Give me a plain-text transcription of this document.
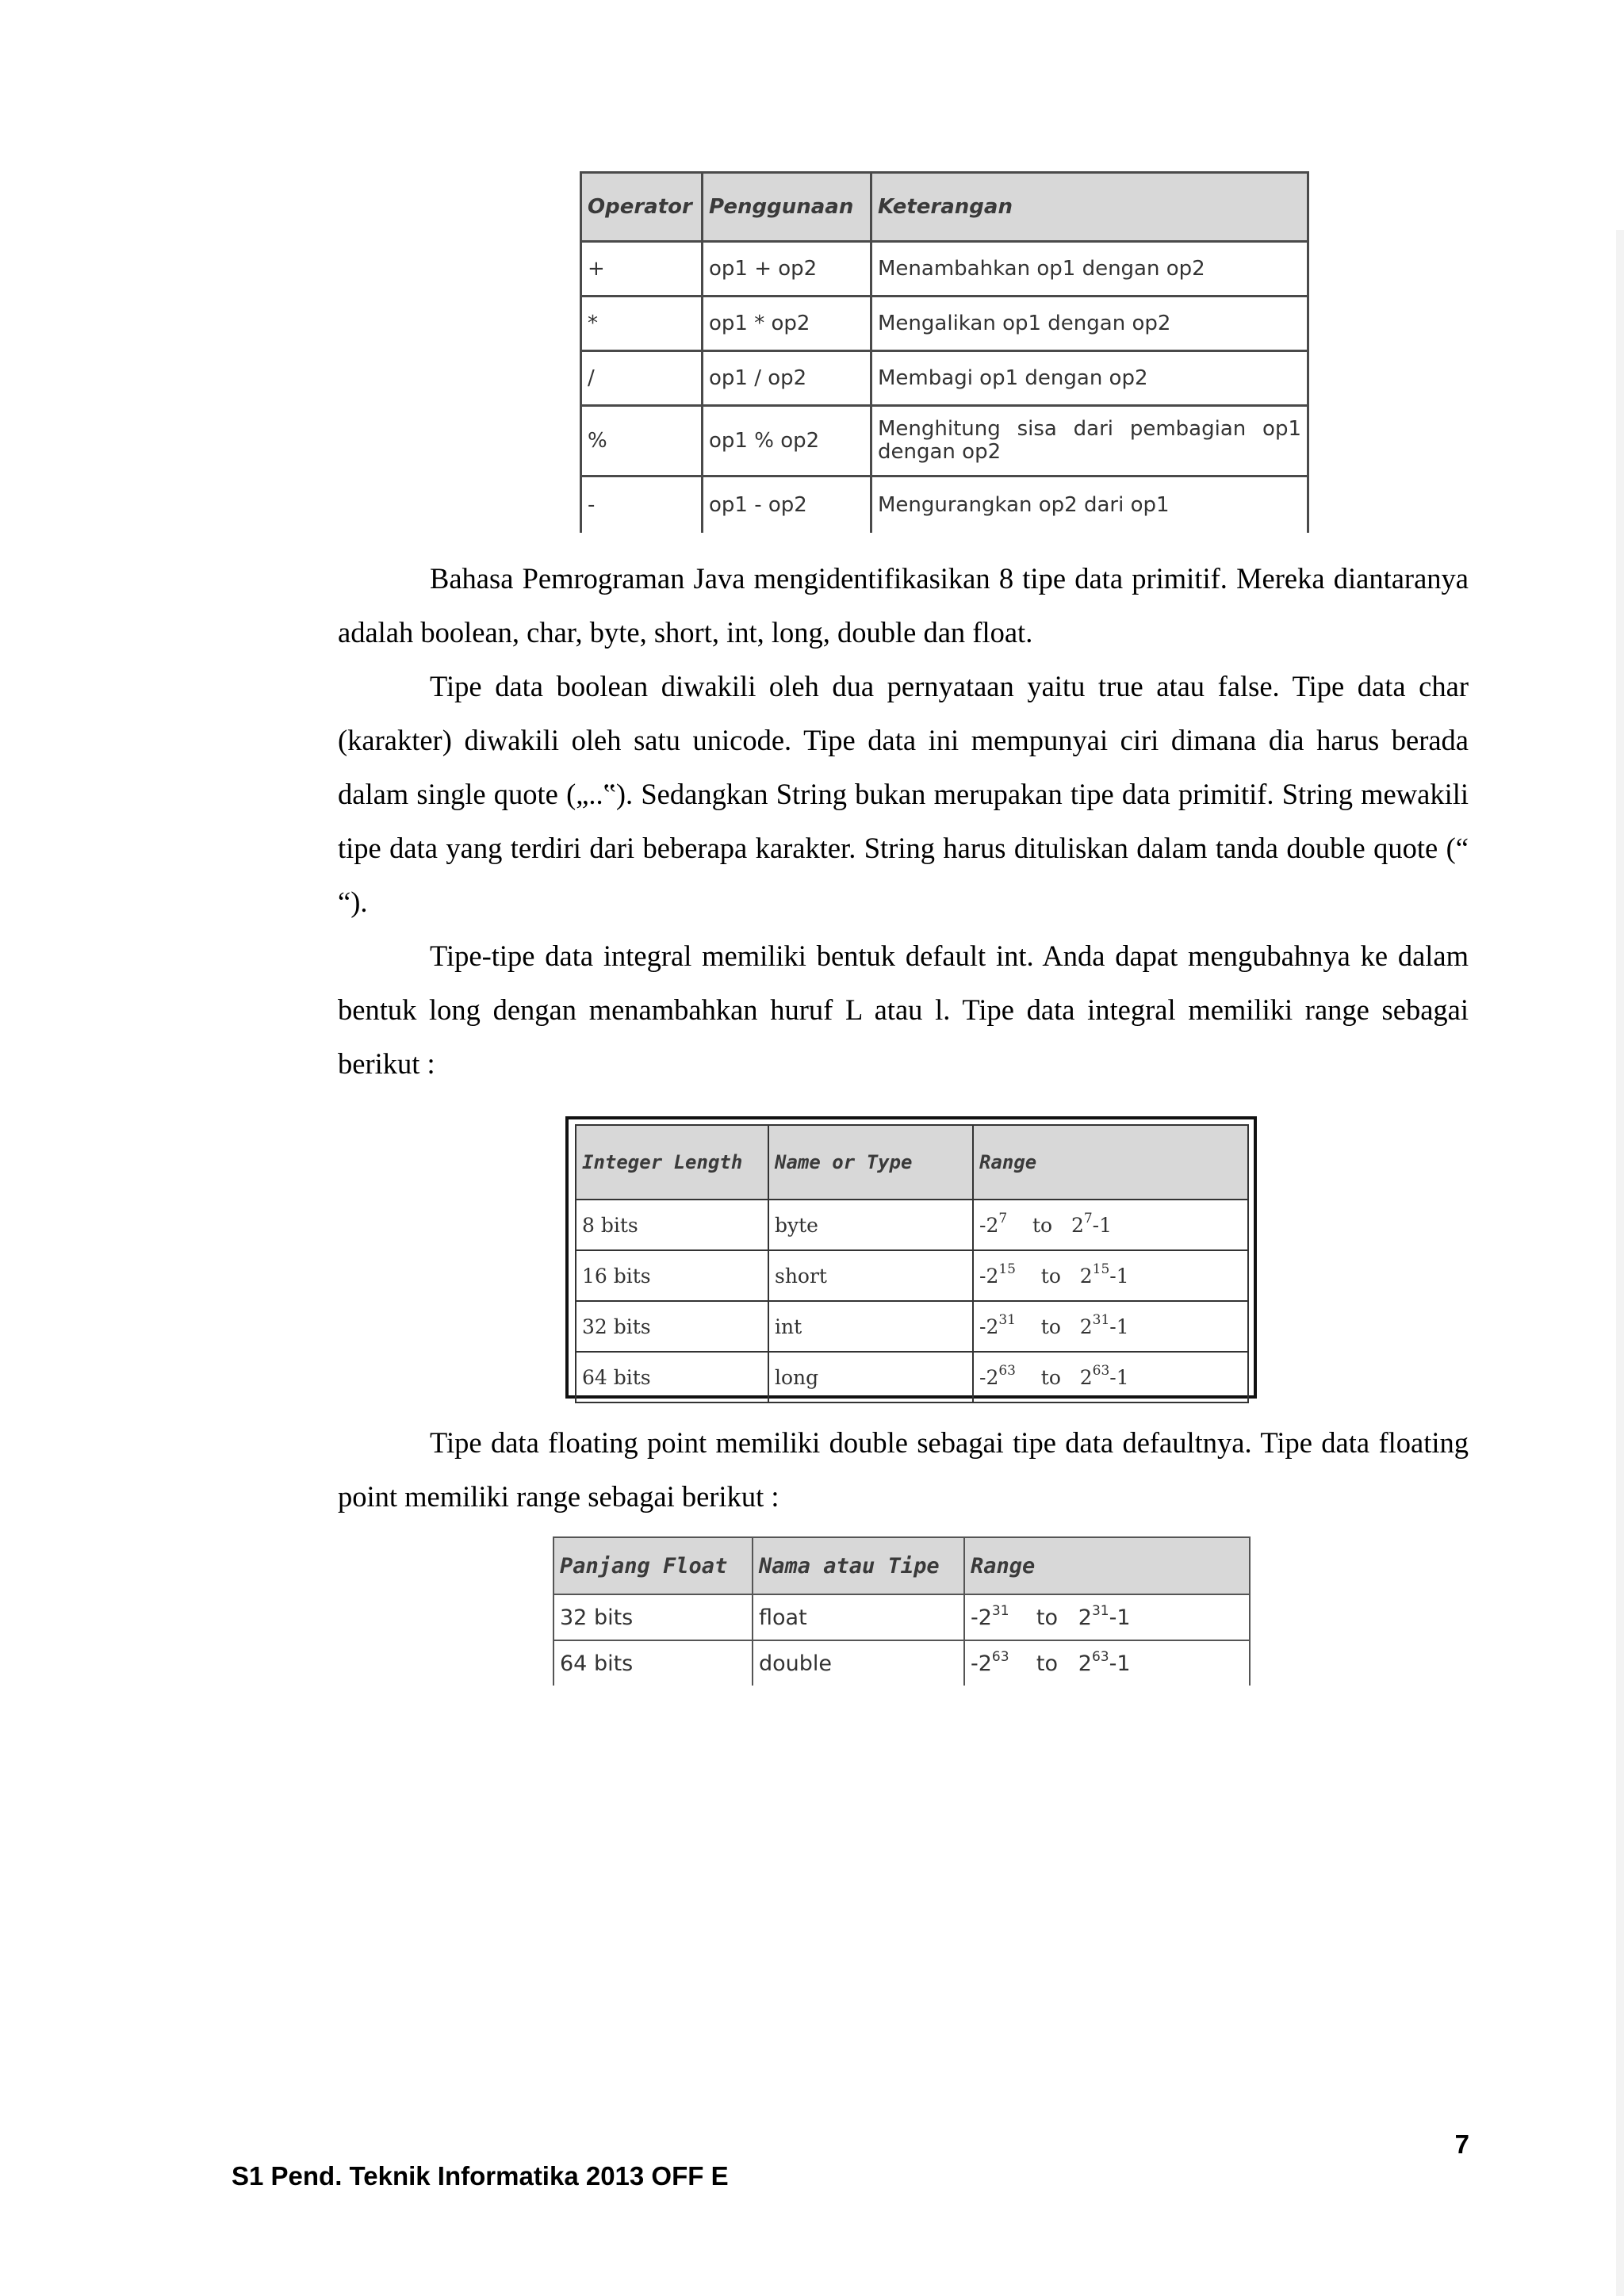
Operator	Penggunaan	Keterangan
+	op1 + op2	Menambahkan op1 dengan op2
*	op1 * op2	Mengalikan op1 dengan op2
/	op1 / op2	Membagi op1 dengan op2
%	op1 % op2	Menghitung sisa dari pembagian op1 dengan op2
-	op1 - op2	Mengurangkan op2 dari op1

Bahasa Pemrograman Java mengidentifikasikan 8 tipe data primitif. Mereka diantaranya adalah boolean, char, byte, short, int, long, double dan float.

Tipe data boolean diwakili oleh dua pernyataan yaitu true atau false. Tipe data char (karakter) diwakili oleh satu unicode. Tipe data ini mempunyai ciri dimana dia harus berada dalam single quote („..‟). Sedangkan String bukan merupakan tipe data primitif. String mewakili tipe data yang terdiri dari beberapa karakter. String harus dituliskan dalam tanda double quote (“ “).

Tipe-tipe data integral memiliki bentuk default int. Anda dapat mengubahnya ke dalam bentuk long dengan menambahkan huruf L atau l. Tipe data integral memiliki range sebagai berikut :

Integer Length	Name or Type	Range
8 bits	byte	$-2^7$ to $2^7-1$
16 bits	short	$-2^{15}$ to $2^{15}-1$
32 bits	int	$-2^{31}$ to $2^{31}-1$
64 bits	long	$-2^{63}$ to $2^{63}-1$

Tipe data floating point memiliki double sebagai tipe data defaultnya. Tipe data floating point memiliki range sebagai berikut :

Panjang Float	Nama atau Tipe	Range
32 bits	float	$-2^{31}$ to $2^{31}-1$
64 bits	double	$-2^{63}$ to $2^{63}-1$
7
S1 Pend. Teknik Informatika 2013 OFF E
